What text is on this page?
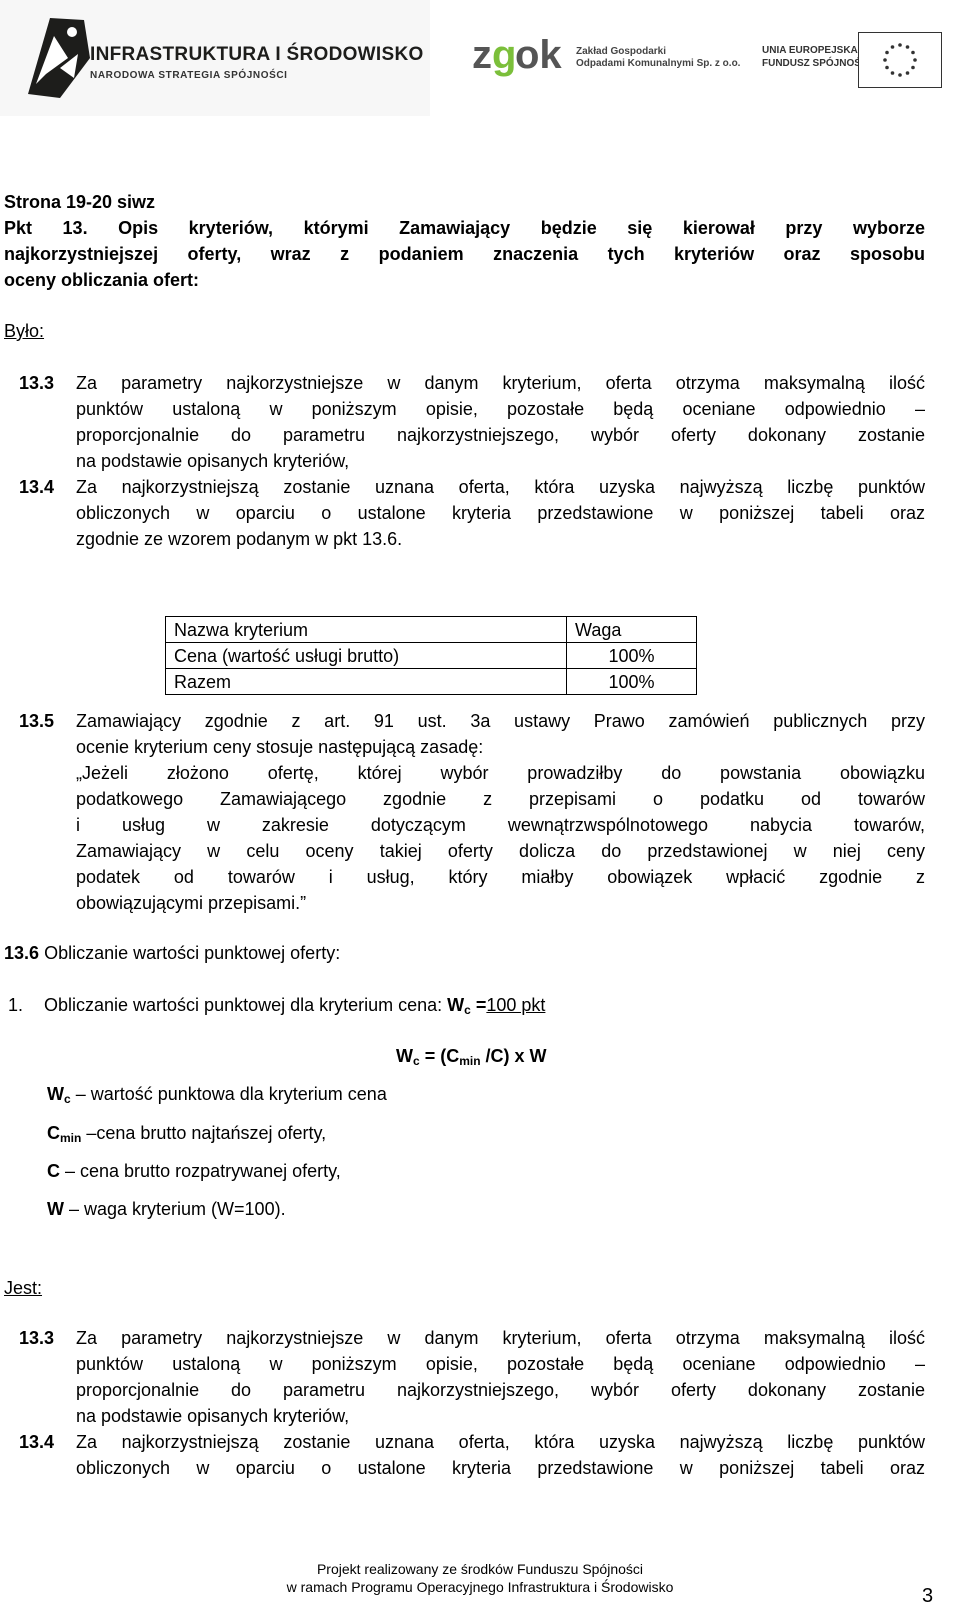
INFRASTRUKTURA I ŚRODOWISKO
NARODOWA STRATEGIA SPÓJNOŚCI	z g
ok Zakład Gospodarki
Odpadami Komunalnymi Sp. z o.o.
UNIA EUROPEJSKA
FUNDUSZ SPÓJNOŚCI
Strona 19-20 siwz
Pkt 13. Opis kryteriów, którymi Zamawiający będzie się kierował przy wyborze
najkorzystniejszej oferty, wraz z podaniem znaczenia tych kryteriów oraz sposobu
oceny obliczania ofert:
Było:
13.3 Za parametry najkorzystniejsze w danym kryterium, oferta otrzyma maksymalną ilość
punktów ustaloną w poniższym opisie, pozostałe będą oceniane odpowiednio –
proporcjonalnie do parametru najkorzystniejszego, wybór oferty dokonany zostanie
na podstawie opisanych kryteriów,
13.4 Za najkorzystniejszą zostanie uznana oferta, która uzyska najwyższą liczbę punktów
obliczonych w oparciu o ustalone kryteria przedstawione w poniższej tabeli oraz
zgodnie ze wzorem podanym w pkt 13.6.
Nazwa kryterium	Waga
Cena (wartość usługi brutto)	100%
Razem	100%
13.5 Zamawiający zgodnie z art. 91 ust. 3a ustawy Prawo zamówień publicznych przy
ocenie kryterium ceny stosuje następującą zasadę:
„Jeżeli złożono ofertę, której wybór prowadziłby do powstania obowiązku
podatkowego Zamawiającego zgodnie z przepisami o podatku od towarów
i usług w zakresie dotyczącym wewnątrzwspólnotowego nabycia towarów,
Zamawiający w celu oceny takiej oferty dolicza do przedstawionej w niej ceny
podatek od towarów i usług, który miałby obowiązek wpłacić zgodnie z
obowiązującymi przepisami.”
13.6 Obliczanie wartości punktowej oferty:
1. Obliczanie wartości punktowej dla kryterium cena: $W_c =100$ pkt
$W_c = (C_{min}$ /C) x W
$W_c$ – wartość punktowa dla kryterium cena
$C_{min}$ –cena brutto najtańszej oferty,
C – cena brutto rozpatrywanej oferty,
W – waga kryterium (W=100).
Jest:
13.3 Za parametry najkorzystniejsze w danym kryterium, oferta otrzyma maksymalną ilość
punktów ustaloną w poniższym opisie, pozostałe będą oceniane odpowiednio –
proporcjonalnie do parametru najkorzystniejszego, wybór oferty dokonany zostanie
na podstawie opisanych kryteriów,
13.4 Za najkorzystniejszą zostanie uznana oferta, która uzyska najwyższą liczbę punktów
obliczonych w oparciu o ustalone kryteria przedstawione w poniższej tabeli oraz
Projekt realizowany ze środków Funduszu Spójności
w ramach Programu Operacyjnego Infrastruktura i Środowisko	3
